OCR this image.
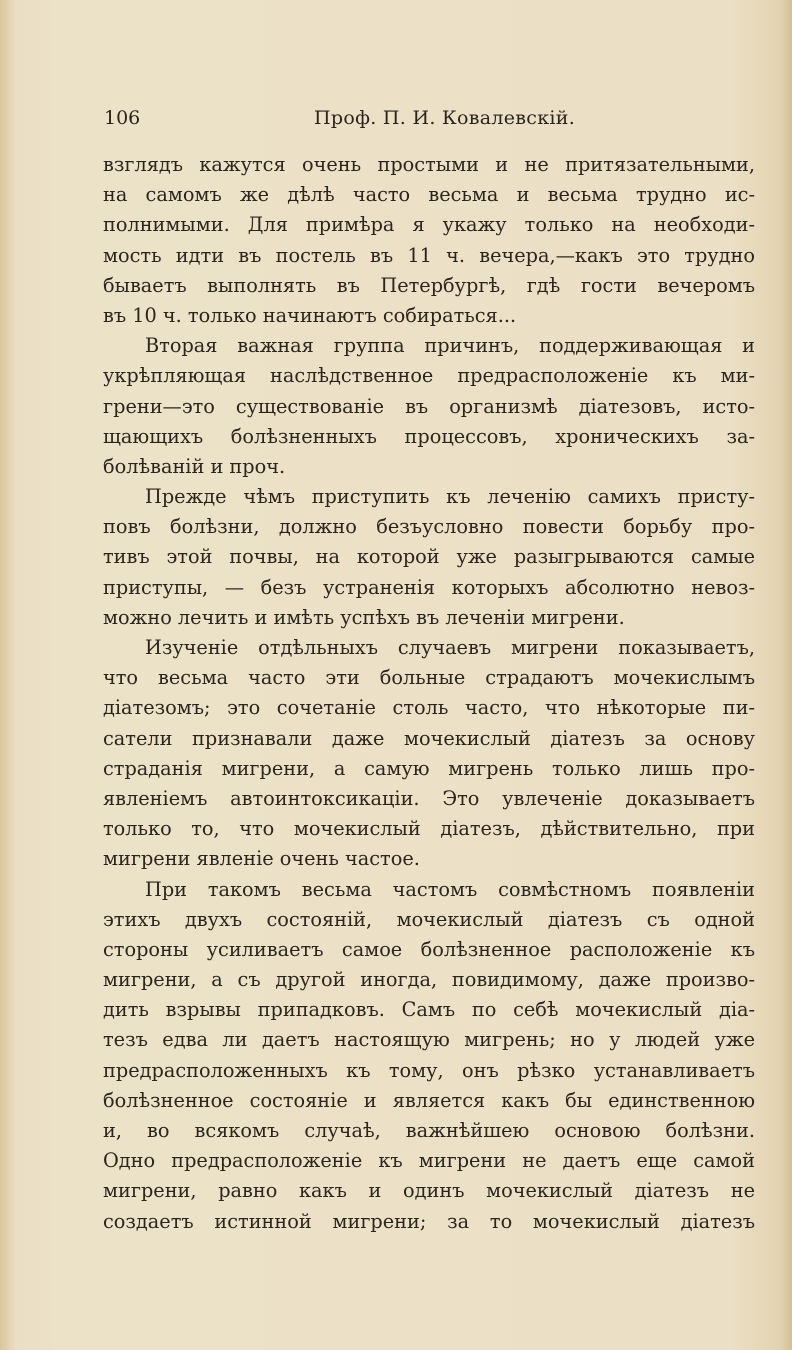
106	Проф. П. И. Ковалевскій.
взглядъ кажутся очень простыми и не притязательными,
на самомъ же дѣлѣ часто весьма и весьма трудно ис-
полнимыми. Для примѣра я укажу только на необходи-
мость идти въ постель въ 11 ч. вечера,—какъ это трудно
бываетъ выполнять въ Петербургѣ, гдѣ гости вечеромъ
въ 10 ч. только начинаютъ собираться...
Вторая важная группа причинъ, поддерживающая и
укрѣпляющая наслѣдственное предрасположеніе къ ми-
грени—это существованіе въ организмѣ діатезовъ, исто-
щающихъ болѣзненныхъ процессовъ, хроническихъ за-
болѣваній и проч.
Прежде чѣмъ приступить къ леченію самихъ присту-
повъ болѣзни, должно безъусловно повести борьбу про-
тивъ этой почвы, на которой уже разыгрываются самые
приступы, — безъ устраненія которыхъ абсолютно невоз-
можно лечить и имѣть успѣхъ въ леченіи мигрени.
Изученіе отдѣльныхъ случаевъ мигрени показываетъ,
что весьма часто эти больные страдаютъ мочекислымъ
діатезомъ; это сочетаніе столь часто, что нѣкоторые пи-
сатели признавали даже мочекислый діатезъ за основу
страданія мигрени, а самую мигрень только лишь про-
явленіемъ автоинтоксикаціи. Это увлеченіе доказываетъ
только то, что мочекислый діатезъ, дѣйствительно, при
мигрени явленіе очень частое.
При такомъ весьма частомъ совмѣстномъ появленіи
этихъ двухъ состояній, мочекислый діатезъ съ одной
стороны усиливаетъ самое болѣзненное расположеніе къ
мигрени, а съ другой иногда, повидимому, даже произво-
дить взрывы припадковъ. Самъ по себѣ мочекислый діа-
тезъ едва ли даетъ настоящую мигрень; но у людей уже
предрасположенныхъ къ тому, онъ рѣзко устанавливаетъ
болѣзненное состояніе и является какъ бы единственною
и, во всякомъ случаѣ, важнѣйшею основою болѣзни.
Одно предрасположеніе къ мигрени не даетъ еще самой
мигрени, равно какъ и одинъ мочекислый діатезъ не
создаетъ истинной мигрени; за то мочекислый діатезъ
